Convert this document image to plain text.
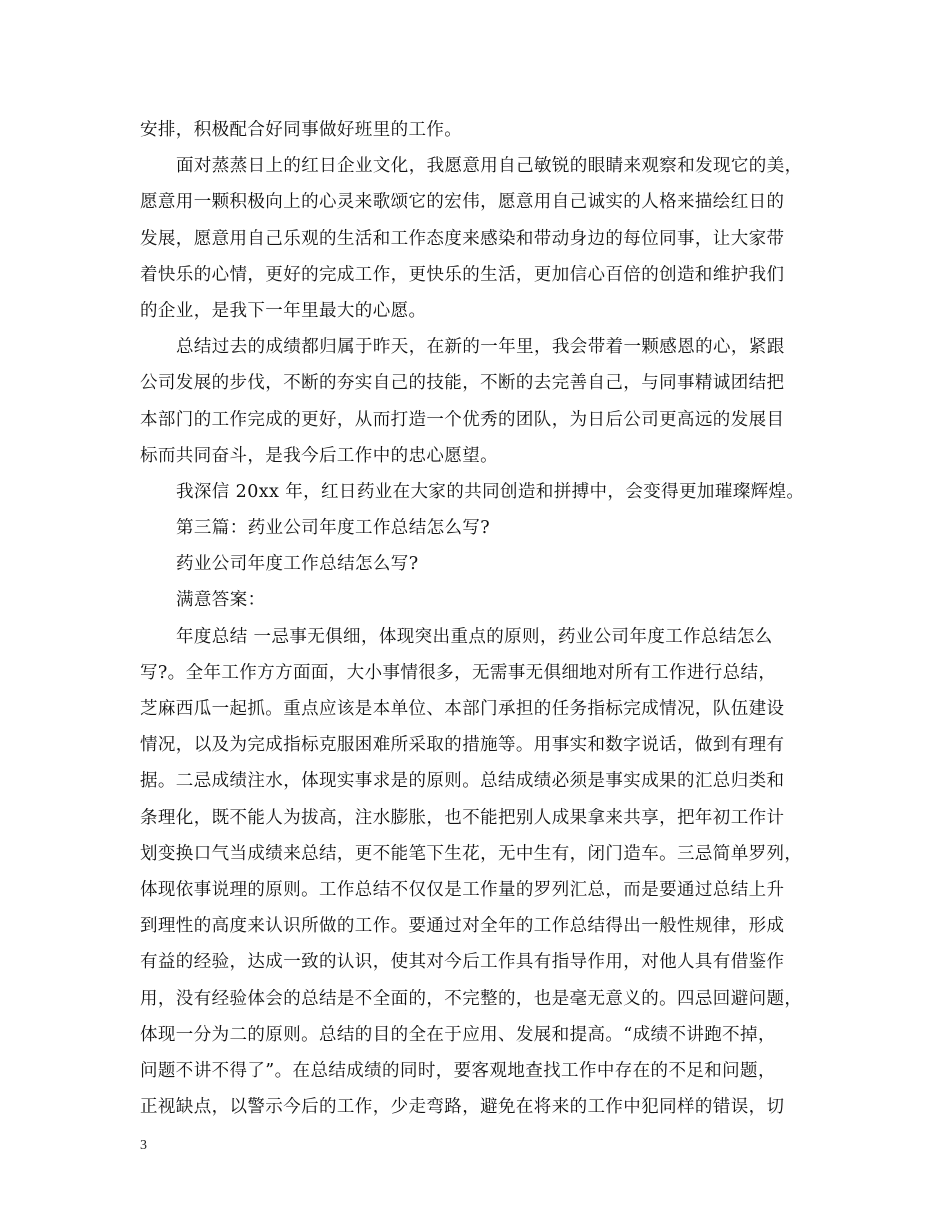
安排，积极配合好同事做好班里的工作。
面对蒸蒸日上的红日企业文化，我愿意用自己敏锐的眼睛来观察和发现它的美，
愿意用一颗积极向上的心灵来歌颂它的宏伟，愿意用自己诚实的人格来描绘红日的
发展，愿意用自己乐观的生活和工作态度来感染和带动身边的每位同事，让大家带
着快乐的心情，更好的完成工作，更快乐的生活，更加信心百倍的创造和维护我们
的企业，是我下一年里最大的心愿。
总结过去的成绩都归属于昨天，在新的一年里，我会带着一颗感恩的心，紧跟
公司发展的步伐，不断的夯实自己的技能，不断的去完善自己，与同事精诚团结把
本部门的工作完成的更好，从而打造一个优秀的团队，为日后公司更高远的发展目
标而共同奋斗，是我今后工作中的忠心愿望。
我深信 20xx 年，红日药业在大家的共同创造和拼搏中，会变得更加璀璨辉煌。
第三篇：药业公司年度工作总结怎么写?
药业公司年度工作总结怎么写?
满意答案：
年度总结 一忌事无俱细，体现突出重点的原则，药业公司年度工作总结怎么
写?。全年工作方方面面，大小事情很多，无需事无俱细地对所有工作进行总结，
芝麻西瓜一起抓。重点应该是本单位、本部门承担的任务指标完成情况，队伍建设
情况，以及为完成指标克服困难所采取的措施等。用事实和数字说话，做到有理有
据。二忌成绩注水，体现实事求是的原则。总结成绩必须是事实成果的汇总归类和
条理化，既不能人为拔高，注水膨胀，也不能把别人成果拿来共享，把年初工作计
划变换口气当成绩来总结，更不能笔下生花，无中生有，闭门造车。三忌简单罗列，
体现依事说理的原则。工作总结不仅仅是工作量的罗列汇总，而是要通过总结上升
到理性的高度来认识所做的工作。要通过对全年的工作总结得出一般性规律，形成
有益的经验，达成一致的认识，使其对今后工作具有指导作用，对他人具有借鉴作
用，没有经验体会的总结是不全面的，不完整的，也是毫无意义的。四忌回避问题，
体现一分为二的原则。总结的目的全在于应用、发展和提高。“成绩不讲跑不掉，
问题不讲不得了”。在总结成绩的同时，要客观地查找工作中存在的不足和问题，
正视缺点，以警示今后的工作，少走弯路，避免在将来的工作中犯同样的错误，切
3
